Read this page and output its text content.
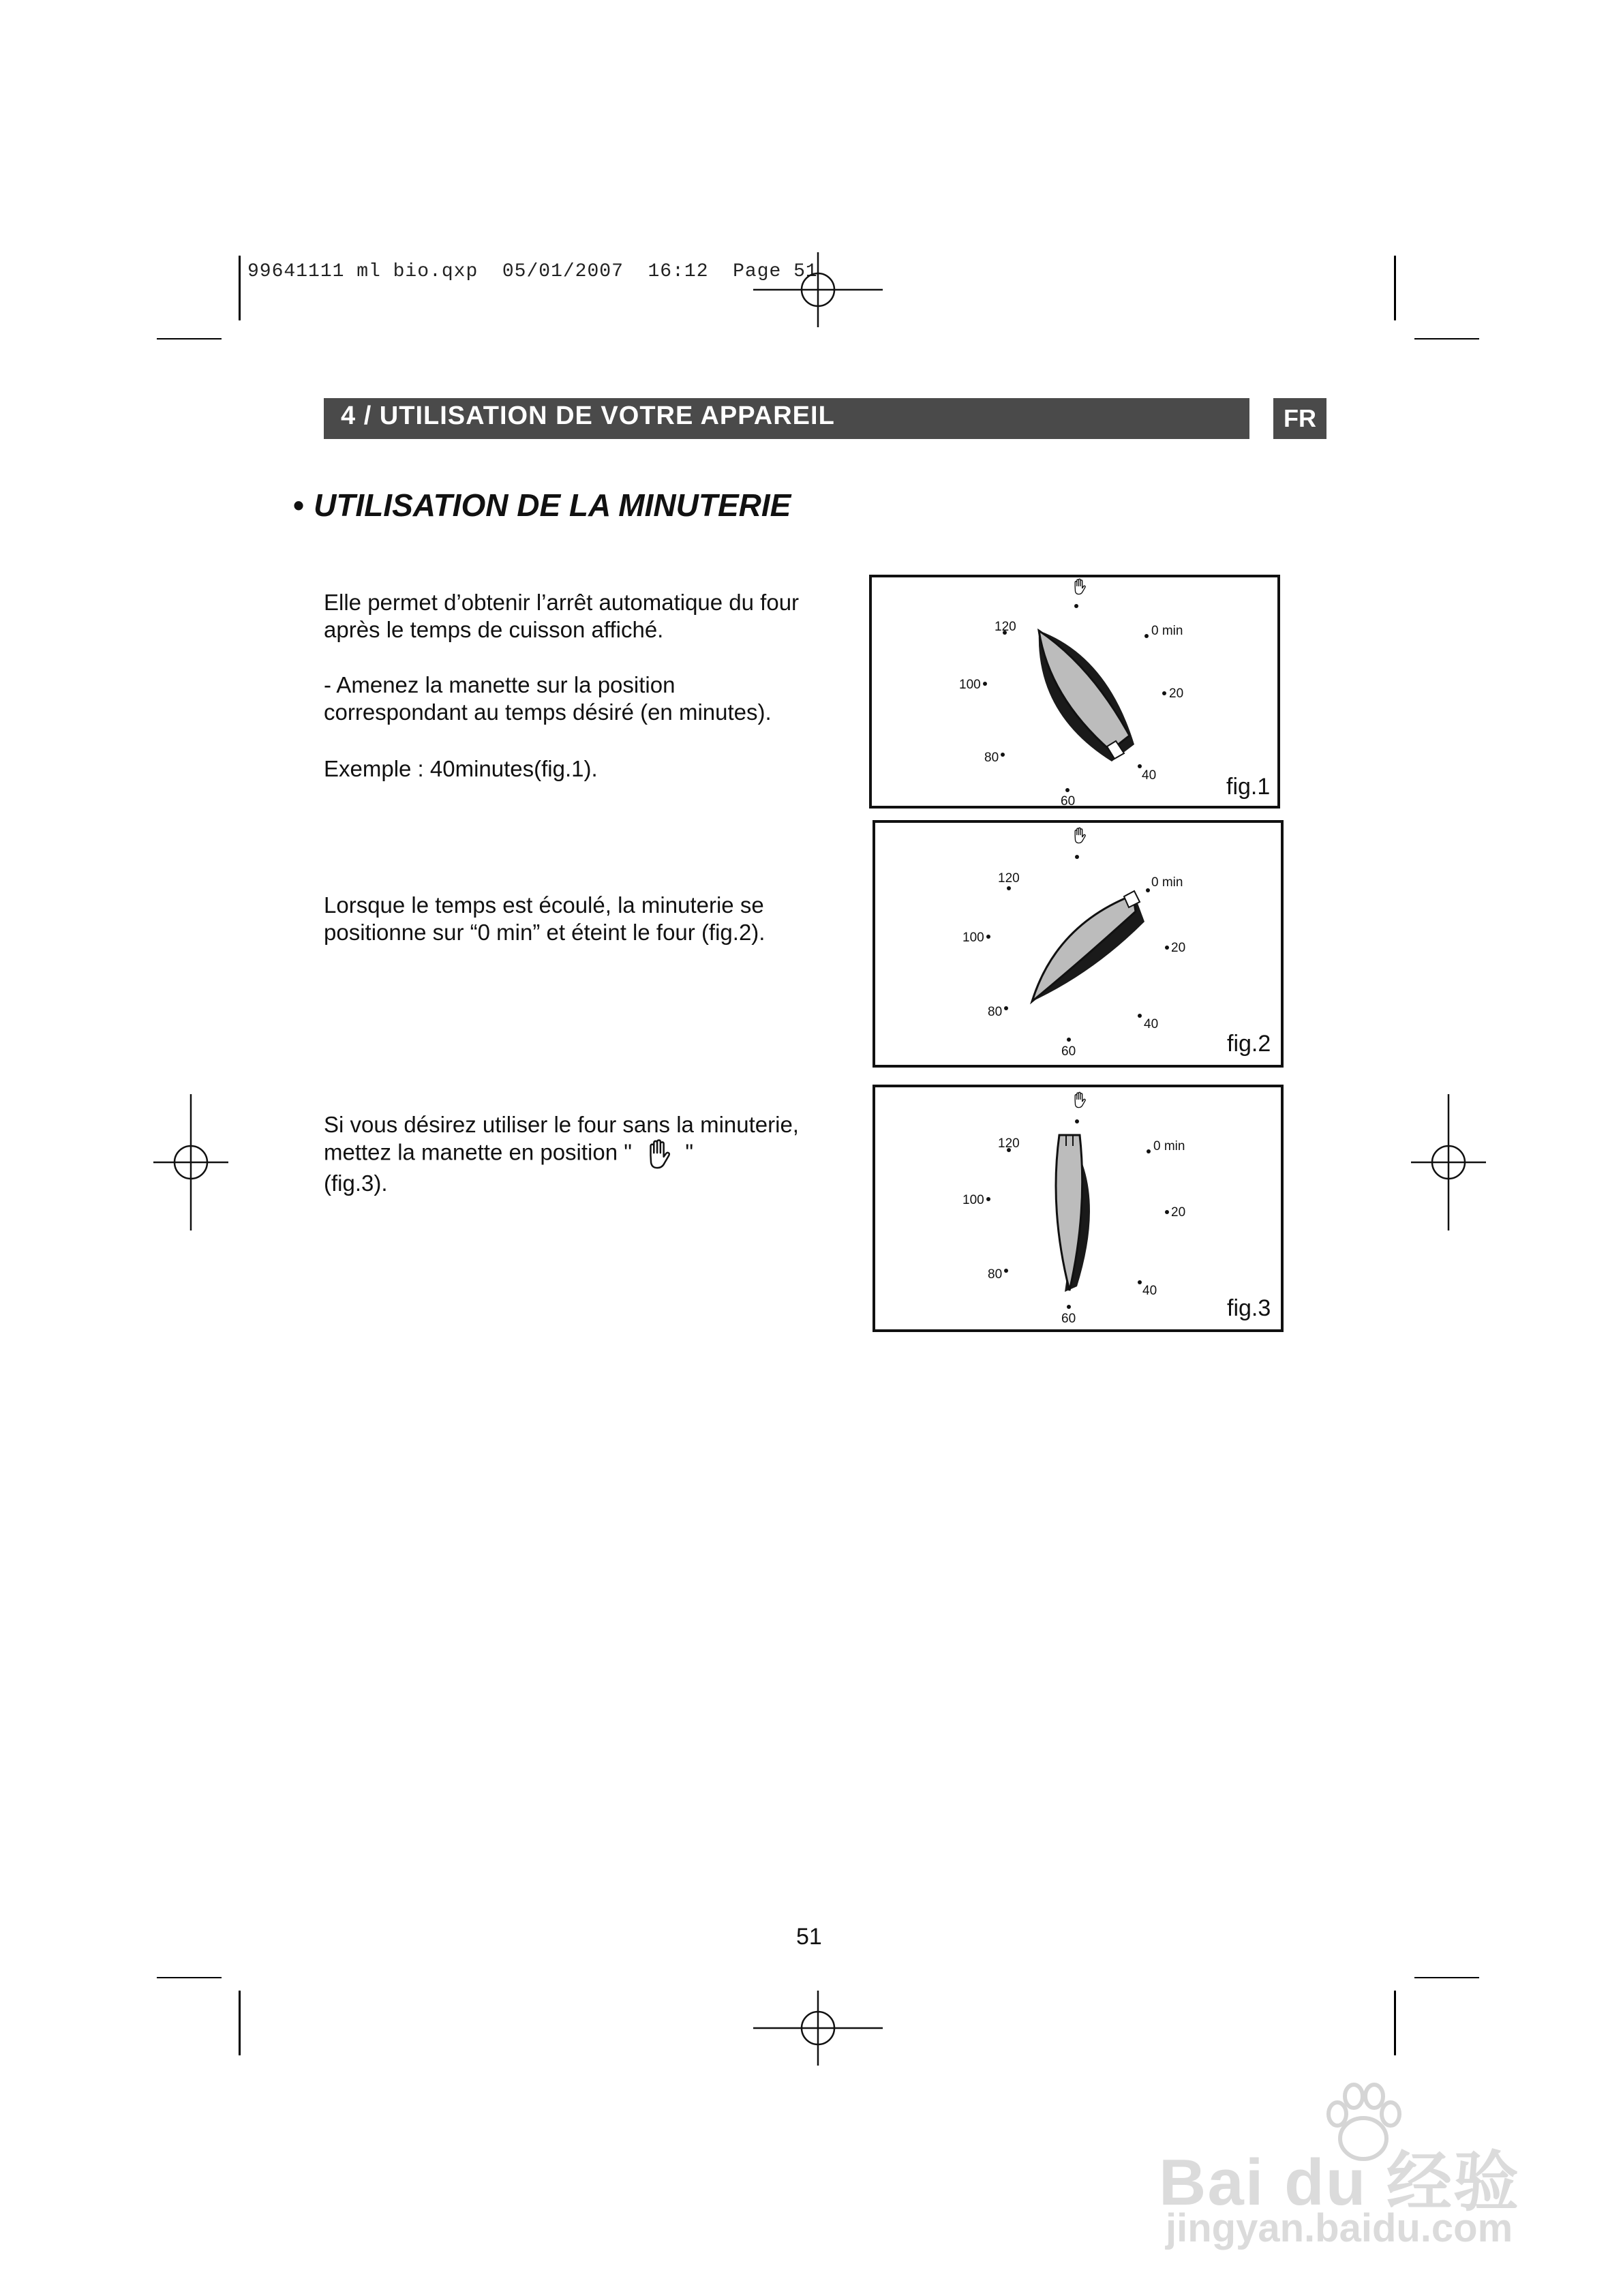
99641111 ml bio.qxp  05/01/2007  16:12  Page 51
4 / UTILISATION DE VOTRE APPAREIL	FR
• UTILISATION DE LA MINUTERIE
Elle permet d’obtenir l’arrêt automatique du four après le temps de cuisson affiché.
- Amenez la manette sur la position correspondant au temps désiré (en minutes).
Exemple : 40minutes(fig.1).
Lorsque le temps est écoulé, la minuterie se positionne sur “0 min” et éteint le four (fig.2).
Si vous désirez utiliser le four sans la minuterie, mettez la manette en position " "
(fig.3).
0 min
20
40
60
80
100
120
fig.1
0 min
20
40
60
80
100
120
fig.2
0 min
20
40
60
80
100
120
fig.3
51
Bai du 经验
jingyan.baidu.com
